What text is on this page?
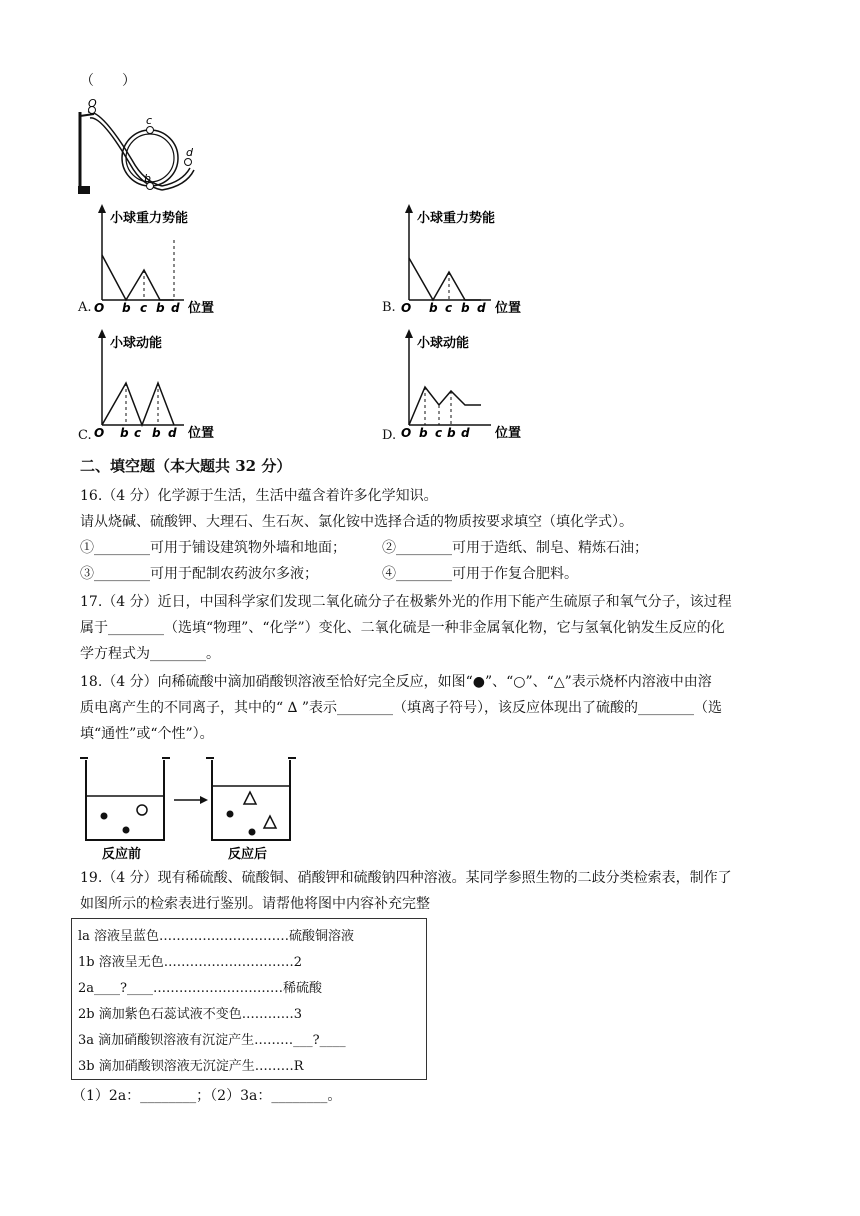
（　　）
O
c
b
d
小球重力势能
O b c b d 位置
A.
小球重力势能
O b c b d 位置
B.
小球动能
O b c b d 位置
C.
小球动能
O b c b d 位置
D.
二、填空题（本大题共 32 分）
16.（4 分）化学源于生活，生活中蕴含着许多化学知识。
请从烧碱、硫酸钾、大理石、生石灰、氯化铵中选择合适的物质按要求填空（填化学式）。
①________可用于铺设建筑物外墙和地面；	②________可用于造纸、制皂、精炼石油；
③________可用于配制农药波尔多液；	④________可用于作复合肥料。
17.（4 分）近日，中国科学家们发现二氧化硫分子在极紫外光的作用下能产生硫原子和氧气分子，该过程
属于________（选填“物理”、“化学”）变化、二氧化硫是一种非金属氧化物，它与氢氧化钠发生反应的化
学方程式为________。
18.（4 分）向稀硫酸中滴加硝酸钡溶液至恰好完全反应，如图“●”、“○”、“△”表示烧杯内溶液中由溶
质电离产生的不同离子，其中的“ ∆ ”表示________（填离子符号），该反应体现出了硫酸的________（选
填“通性”或“个性”）。
反应前	反应后
19.（4 分）现有稀硫酸、硫酸铜、硝酸钾和硫酸钠四种溶液。某同学参照生物的二歧分类检索表，制作了
如图所示的检索表进行鉴别。请帮他将图中内容补充完整
la 溶液呈蓝色…………………………硫酸铜溶液
1b 溶液呈无色…………………………2
2a____?____…………………………稀硫酸
2b 滴加紫色石蕊试液不变色…………3
3a 滴加硝酸钡溶液有沉淀产生………___?____
3b 滴加硝酸钡溶液无沉淀产生………R
（1）2a：________；（2）3a：________。
